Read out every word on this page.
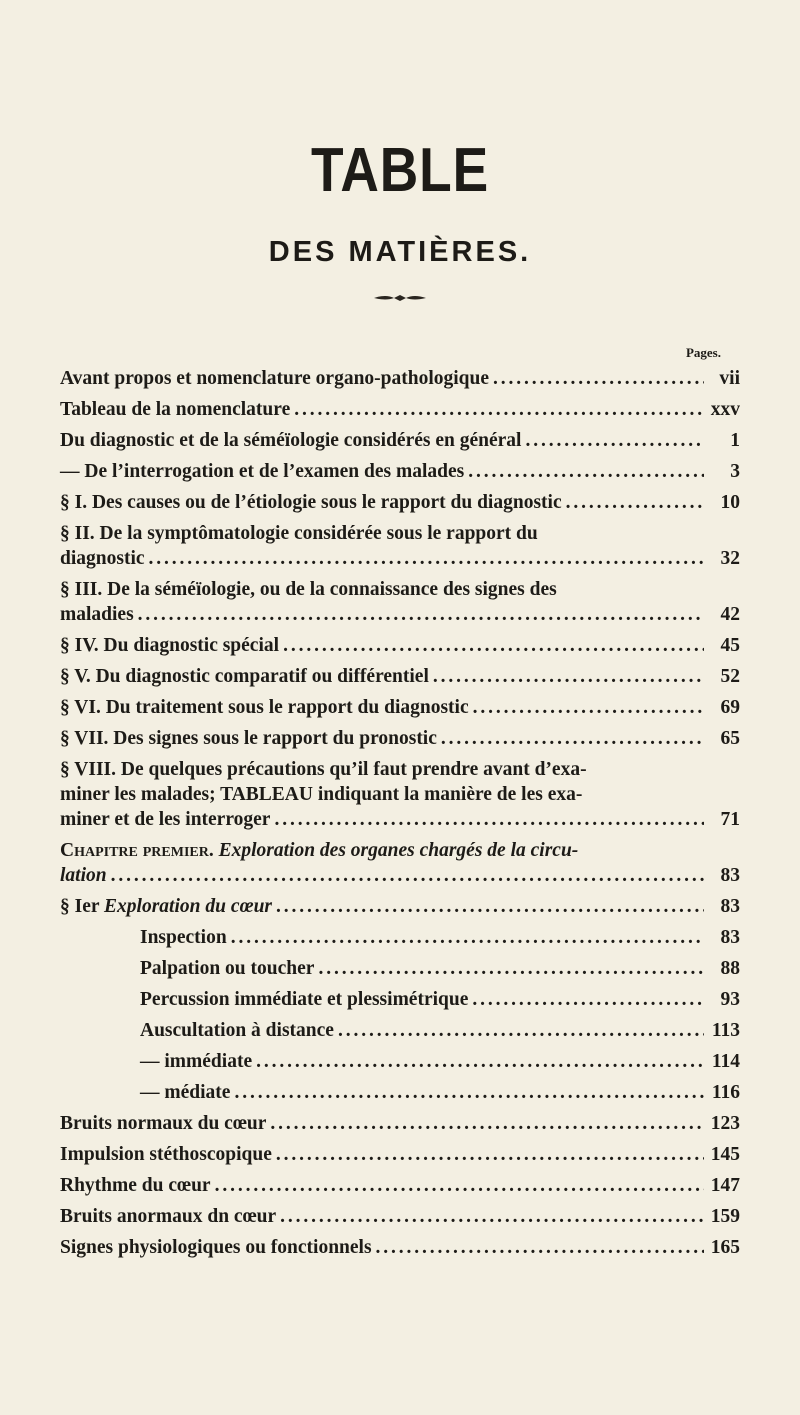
TABLE
DES MATIÈRES.
Pages.
Avant propos et nomenclature organo-pathologique . . .	vii
Tableau de la nomenclature . . .	xxv
Du diagnostic et de la séméïologie considérés en général . . .	1
— De l’interrogation et de l’examen des malades . . .	3
§ I. Des causes ou de l’étiologie sous le rapport du diagnostic . . .	10
§ II. De la symptômatologie considérée sous le rapport du
diagnostic . . .	32
§ III. De la séméïologie, ou de la connaissance des signes des
maladies . . .	42
§ IV. Du diagnostic spécial . . .	45
§ V. Du diagnostic comparatif ou différentiel . . .	52
§ VI. Du traitement sous le rapport du diagnostic . . .	69
§ VII. Des signes sous le rapport du pronostic . . .	65
§ VIII. De quelques précautions qu’il faut prendre avant d’exa-
miner les malades; TABLEAU indiquant la manière de les exa-
miner et de les interroger . . .	71
Chapitre premier. Exploration des organes chargés de la circu-
lation . . .	83
§ Ier Exploration du cœur . . .	83
Inspection . . .	83
Palpation ou toucher . . .	88
Percussion immédiate et plessimétrique . . .	93
Auscultation à distance . . .	113
— immédiate . . .	114
— médiate . . .	116
Bruits normaux du cœur . . .	123
Impulsion stéthoscopique . . .	145
Rhythme du cœur . . .	147
Bruits anormaux dn cœur . . .	159
Signes physiologiques ou fonctionnels . . .	165
